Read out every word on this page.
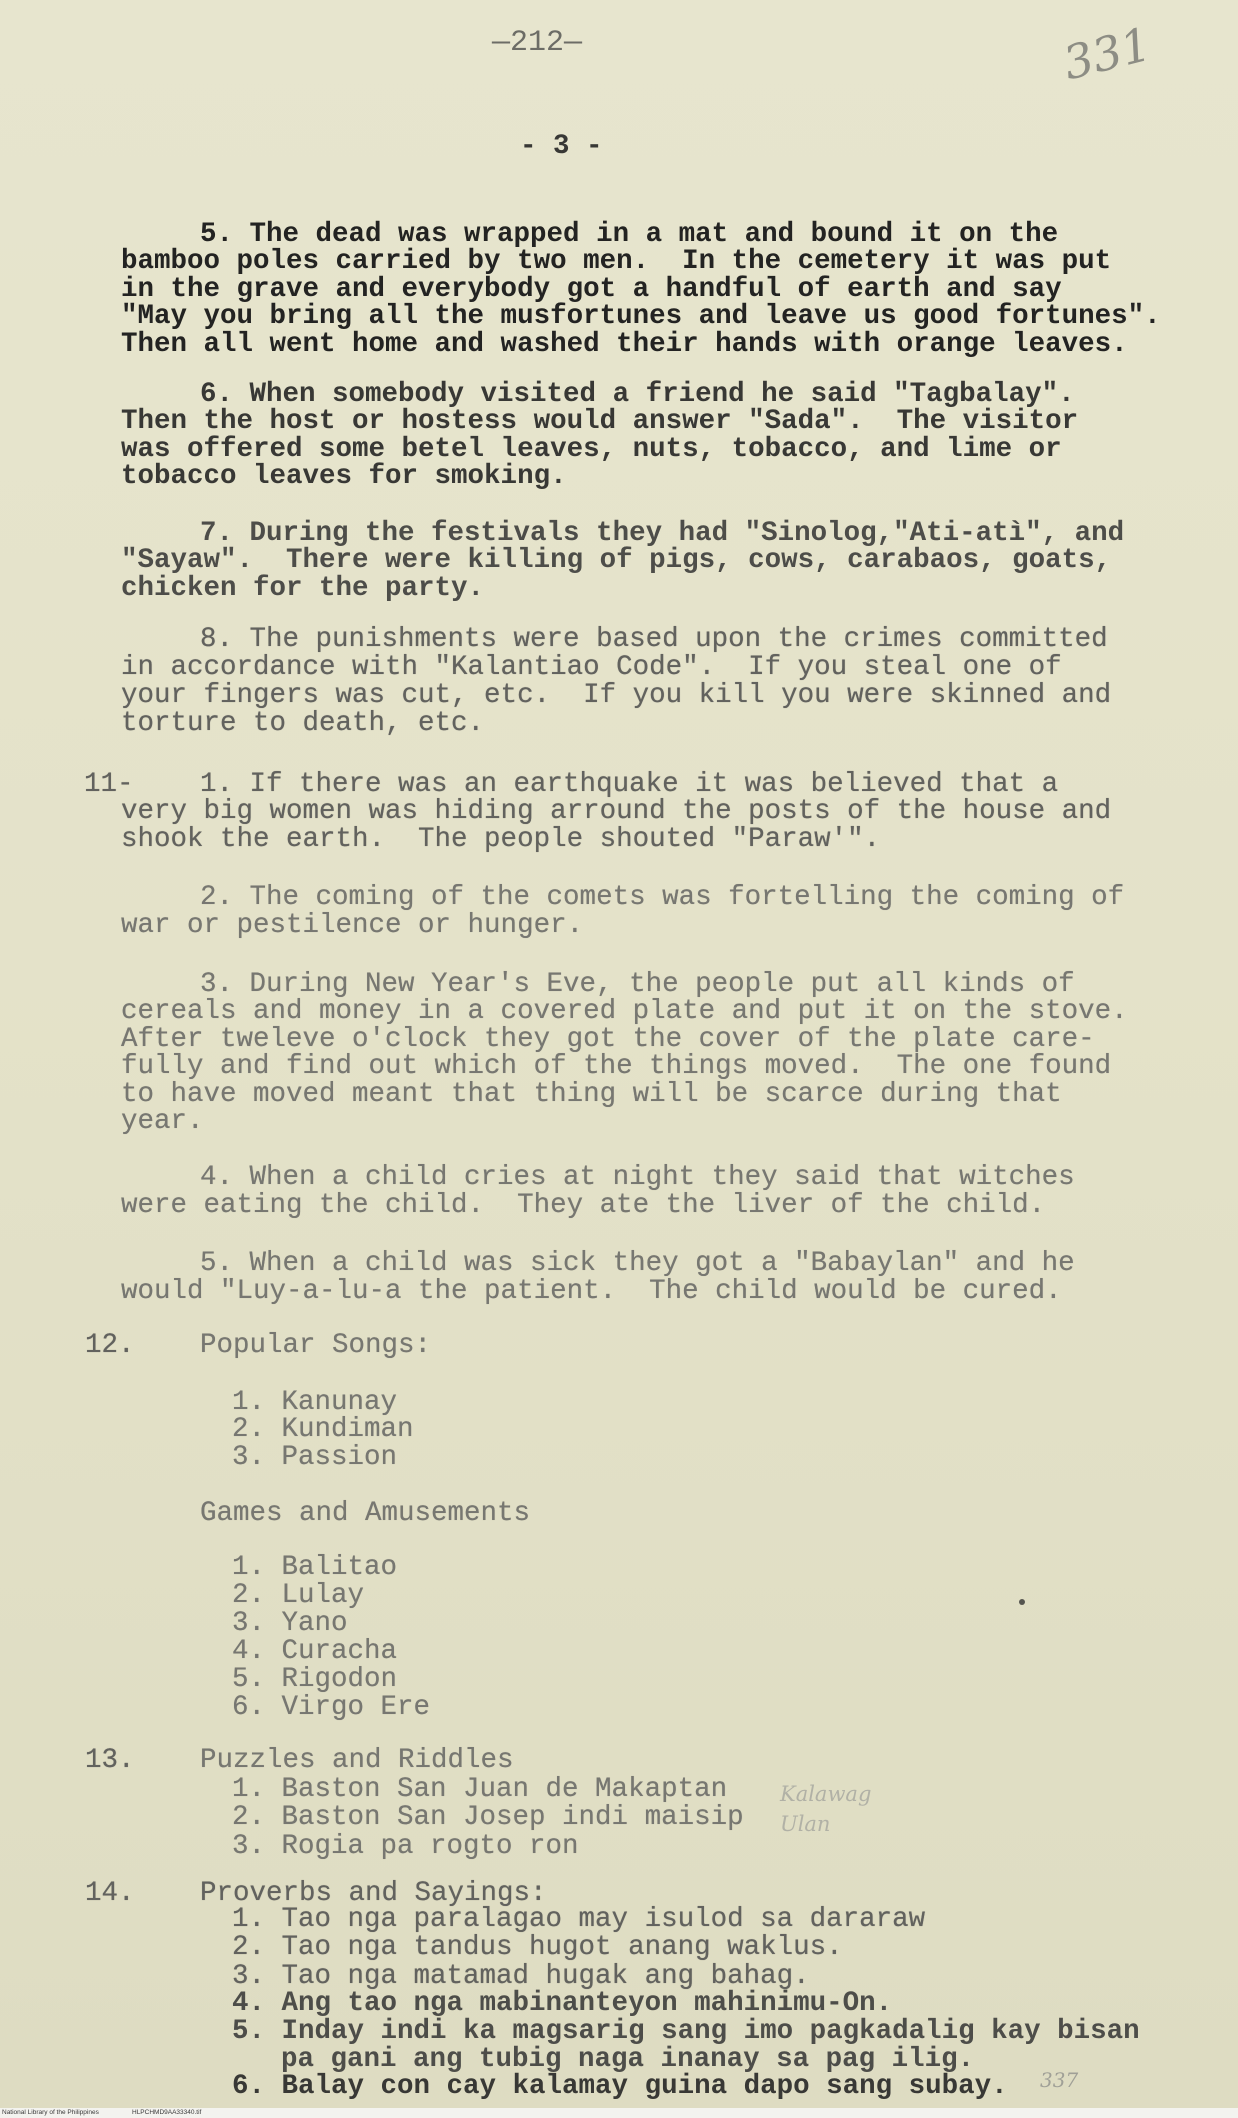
—212—	331
- 3 -
5. The dead was wrapped in a mat and bound it on the
bamboo poles carried by two men.  In the cemetery it was put
in the grave and everybody got a handful of earth and say
"May you bring all the musfortunes and leave us good fortunes".
Then all went home and washed their hands with orange leaves.
6. When somebody visited a friend he said "Tagbalay".
Then the host or hostess would answer "Sada".  The visitor
was offered some betel leaves, nuts, tobacco, and lime or
tobacco leaves for smoking.
7. During the festivals they had "Sinolog,"Ati-atì", and
"Sayaw".  There were killing of pigs, cows, carabaos, goats,
chicken for the party.
8. The punishments were based upon the crimes committed
in accordance with "Kalantiao Code".  If you steal one of
your fingers was cut, etc.  If you kill you were skinned and
torture to death, etc.
11- 1. If there was an earthquake it was believed that a
very big women was hiding arround the posts of the house and
shook the earth.  The people shouted "Paraw'".
2. The coming of the comets was fortelling the coming of
war or pestilence or hunger.
3. During New Year's Eve, the people put all kinds of
cereals and money in a covered plate and put it on the stove.
After tweleve o'clock they got the cover of the plate care-
fully and find out which of the things moved.  The one found
to have moved meant that thing will be scarce during that
year.
4. When a child cries at night they said that witches
were eating the child.  They ate the liver of the child.
5. When a child was sick they got a "Babaylan" and he
would "Luy-a-lu-a the patient.  The child would be cured.
12. Popular Songs:
1. Kanunay
2. Kundiman
3. Passion
Games and Amusements
1. Balitao
2. Lulay
3. Yano
4. Curacha
5. Rigodon
6. Virgo Ere
13. Puzzles and Riddles
1. Baston San Juan de Makaptan
2. Baston San Josep indi maisip
3. Rogia pa rogto ron
Kalawag
Ulan
14. Proverbs and Sayings:
1. Tao nga paralagao may isulod sa dararaw
2. Tao nga tandus hugot anang waklus.
3. Tao nga matamad hugak ang bahag.
4. Ang tao nga mabinanteyon mahinimu-On.
5. Inday indi ka magsarig sang imo pagkadalig kay bisan
pa gani ang tubig naga inanay sa pag ilig.
6. Balay con cay kalamay guina dapo sang subay. 337
National Library of the Philippines	HLPCHMD9AA33340.tif
